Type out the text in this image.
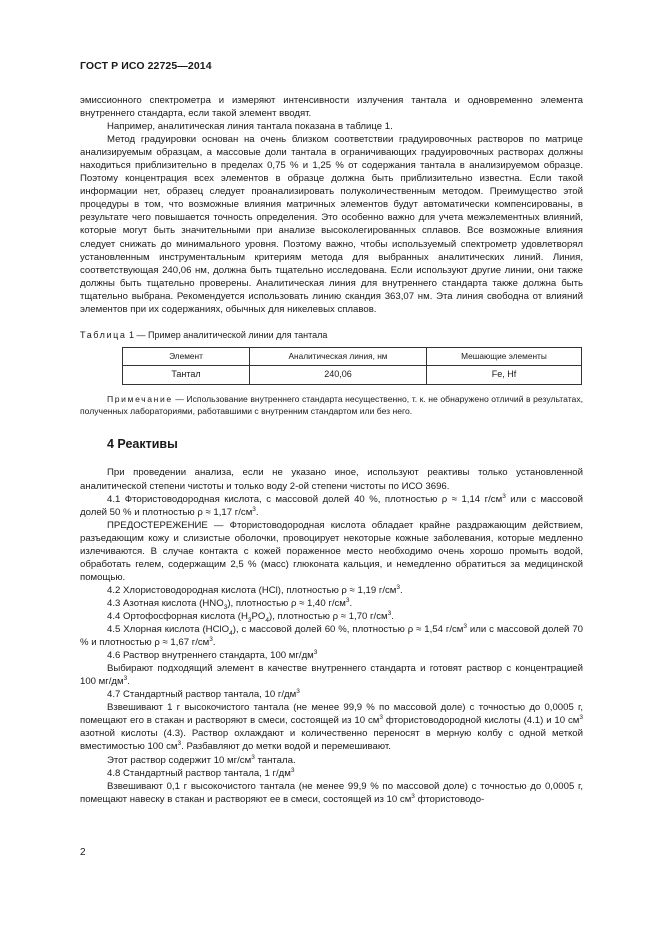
ГОСТ Р ИСО 22725—2014

эмиссионного спектрометра и измеряют интенсивности излучения тантала и одновременно элемента внутреннего стандарта, если такой элемент вводят.

Например, аналитическая линия тантала показана в таблице 1.

Метод градуировки основан на очень близком соответствии градуировочных растворов по матрице анализируемым образцам, а массовые доли тантала в ограничивающих градуировочных растворах должны находиться приблизительно в пределах 0,75 % и 1,25 % от содержания тантала в анализируемом образце. Поэтому концентрация всех элементов в образце должна быть приблизительно известна. Если такой информации нет, образец следует проанализировать полуколичественным методом. Преимущество этой процедуры в том, что возможные влияния матричных элементов будут автоматически компенсированы, в результате чего повышается точность определения. Это особенно важно для учета межэлементных влияний, которые могут быть значительными при анализе высоколегированных сплавов. Все возможные влияния следует снижать до минимального уровня. Поэтому важно, чтобы используемый спектрометр удовлетворял установленным инструментальным критериям метода для выбранных аналитических линий. Линия, соответствующая 240,06 нм, должна быть тщательно исследована. Если используют другие линии, они также должны быть тщательно проверены. Аналитическая линия для внутреннего стандарта также должна быть тщательно выбрана. Рекомендуется использовать линию скандия 363,07 нм. Эта линия свободна от влияний элементов при их содержаниях, обычных для никелевых сплавов.

Таблица 1 — Пример аналитической линии для тантала

Элемент	Аналитическая линия, нм	Мешающие элементы
Тантал	240,06	Fe, Hf

Примечание — Использование внутреннего стандарта несущественно, т. к. не обнаружено отличий в результатах, полученных лабораториями, работавшими с внутренним стандартом или без него.

4 Реактивы

При проведении анализа, если не указано иное, используют реактивы только установленной аналитической степени чистоты и только воду 2-ой степени чистоты по ИСО 3696.

4.1 Фтористоводородная кислота, с массовой долей 40 %, плотностью ρ ≈ 1,14 $г/см^3$ или с массовой долей 50 % и плотностью ρ ≈ 1,17 $г/см^3$.

ПРЕДОСТЕРЕЖЕНИЕ — Фтористоводородная кислота обладает крайне раздражающим действием, разъедающим кожу и слизистые оболочки, провоцирует некоторые кожные заболевания, которые медленно излечиваются. В случае контакта с кожей пораженное место необходимо очень хорошо промыть водой, обработать гелем, содержащим 2,5 % (масс) глюконата кальция, и немедленно обратиться за медицинской помощью.

4.2 Хлористоводородная кислота (HCl), плотностью ρ ≈ 1,19 $г/см^3$.

4.3 Азотная кислота $(HNO_3)$, плотностью ρ ≈ 1,40 $г/см^3$.

4.4 Ортофосфорная кислота $(H_3PO_4)$, плотностью ρ ≈ 1,70 $г/см^3$.

4.5 Хлорная кислота (HClO$_4$), с массовой долей 60 %, плотностью ρ ≈ 1,54 $г/см^3$ или с массовой долей 70 % и плотностью ρ ≈ 1,67 $г/см^3$.

4.6 Раствор внутреннего стандарта, 100 $мг/дм^3$

Выбирают подходящий элемент в качестве внутреннего стандарта и готовят раствор с концентрацией 100 $мг/дм^3$.

4.7 Стандартный раствор тантала, 10 $г/дм^3$

Взвешивают 1 г высокочистого тантала (не менее 99,9 % по массовой доле) с точностью до 0,0005 г, помещают его в стакан и растворяют в смеси, состоящей из 10 $см^3$ фтористоводородной кислоты (4.1) и 10 $см^3$ азотной кислоты (4.3). Раствор охлаждают и количественно переносят в мерную колбу с одной меткой вместимостью 100 $см^3$. Разбавляют до метки водой и перемешивают.

Этот раствор содержит 10 $мг/см^3$ тантала.

4.8 Стандартный раствор тантала, 1 $г/дм^3$

Взвешивают 0,1 г высокочистого тантала (не менее 99,9 % по массовой доле) с точностью до 0,0005 г, помещают навеску в стакан и растворяют ее в смеси, состоящей из 10 $см^3$ фтористоводо-

2
